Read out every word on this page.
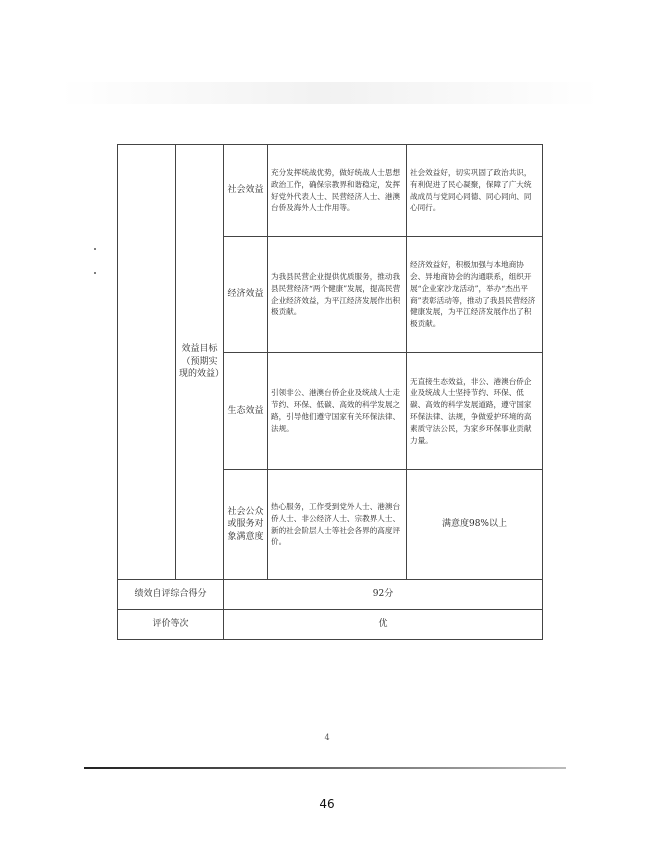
	效益目标（预期实现的效益）	社会效益	充分发挥统战优势，做好统战人士思想政治工作，确保宗教界和谐稳定，发挥好党外代表人士、民营经济人士、港澳台侨及海外人士作用等。	社会效益好，切实巩固了政治共识，有利促进了民心凝聚，保障了广大统战成员与党同心同德、同心同向、同心同行。
		经济效益	为我县民营企业提供优质服务，推动我县民营经济“两个健康”发展，提高民营企业经济效益，为平江经济发展作出积极贡献。	经济效益好，积极加强与本地商协会、异地商协会的沟通联系，组织开展“企业家沙龙活动”，举办“杰出平商”表彰活动等，推动了我县民营经济健康发展，为平江经济发展作出了积极贡献。
		生态效益	引领非公、港澳台侨企业及统战人士走节约、环保、低碳、高效的科学发展之路，引导他们遵守国家有关环保法律、法规。	无直接生态效益，非公、港澳台侨企业及统战人士坚持节约、环保、低碳、高效的科学发展道路，遵守国家环保法律、法规，争做爱护环境的高素质守法公民，为家乡环保事业贡献力量。
		社会公众或服务对象满意度	热心服务，工作受到党外人士、港澳台侨人士、非公经济人士、宗教界人士、新的社会阶层人士等社会各界的高度评价。	满意度98%以上
绩效自评综合得分		92分		
评价等次		优		
4
46
